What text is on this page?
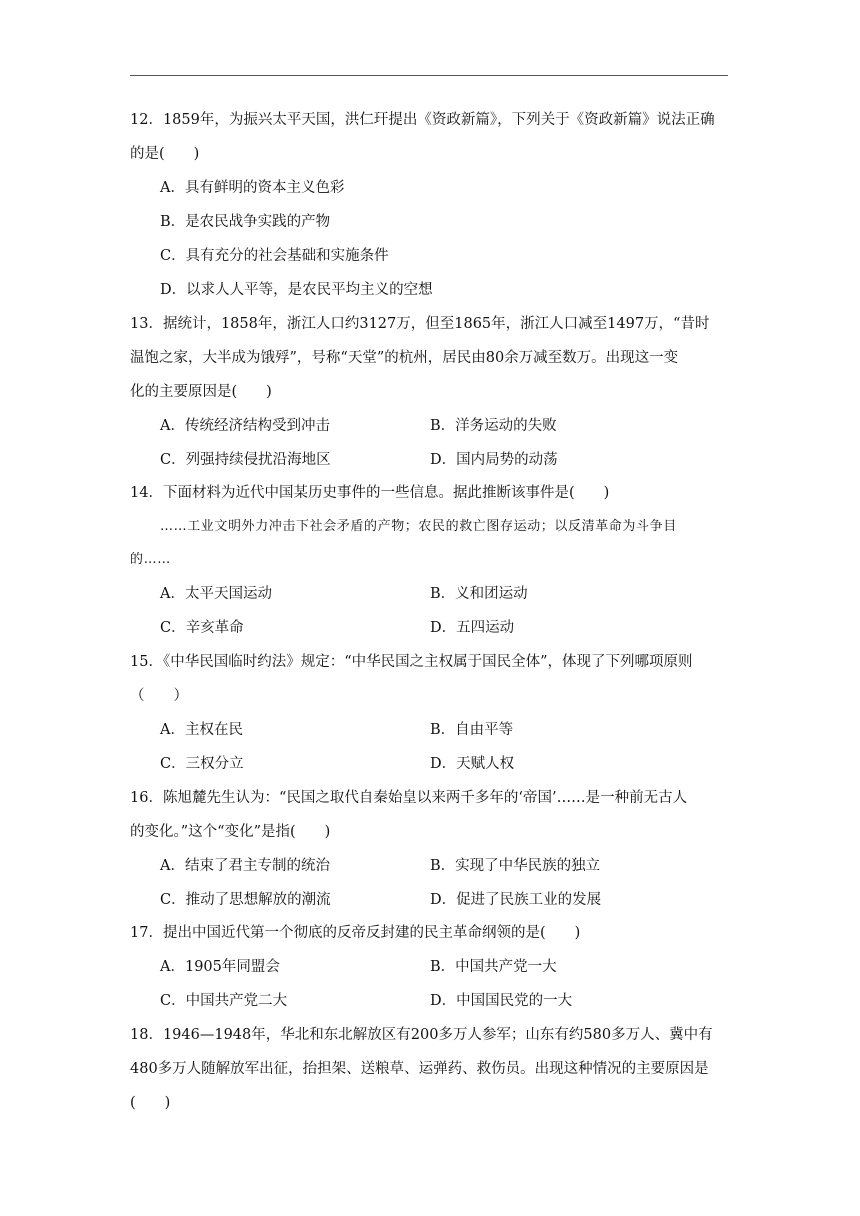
12．1859年，为振兴太平天国，洪仁玕提出《资政新篇》，下列关于《资政新篇》说法正确
的是(　　)
A．具有鲜明的资本主义色彩
B．是农民战争实践的产物
C．具有充分的社会基础和实施条件
D．以求人人平等，是农民平均主义的空想
13．据统计，1858年，浙江人口约3127万，但至1865年，浙江人口减至1497万，“昔时
温饱之家，大半成为饿殍”，号称“天堂”的杭州，居民由80余万减至数万。出现这一变
化的主要原因是(　　)
A．传统经济结构受到冲击	B．洋务运动的失败
C．列强持续侵扰沿海地区	D．国内局势的动荡
14．下面材料为近代中国某历史事件的一些信息。据此推断该事件是(　　)
……工业文明外力冲击下社会矛盾的产物；农民的救亡图存运动；以反清革命为斗争目
的……
A．太平天国运动	B．义和团运动
C．辛亥革命	D．五四运动
15．《中华民国临时约法》规定：“中华民国之主权属于国民全体”，体现了下列哪项原则
（　　）
A．主权在民	B．自由平等
C．三权分立	D．天赋人权
16．陈旭麓先生认为：“民国之取代自秦始皇以来两千多年的‘帝国’……是一种前无古人
的变化。”这个“变化”是指(　　)
A．结束了君主专制的统治	B．实现了中华民族的独立
C．推动了思想解放的潮流	D．促进了民族工业的发展
17．提出中国近代第一个彻底的反帝反封建的民主革命纲领的是(　　)
A．1905年同盟会	B．中国共产党一大
C．中国共产党二大	D．中国国民党的一大
18．1946—1948年，华北和东北解放区有200多万人参军；山东有约580多万人、冀中有
480多万人随解放军出征，抬担架、送粮草、运弹药、救伤员。出现这种情况的主要原因是
(　　)
